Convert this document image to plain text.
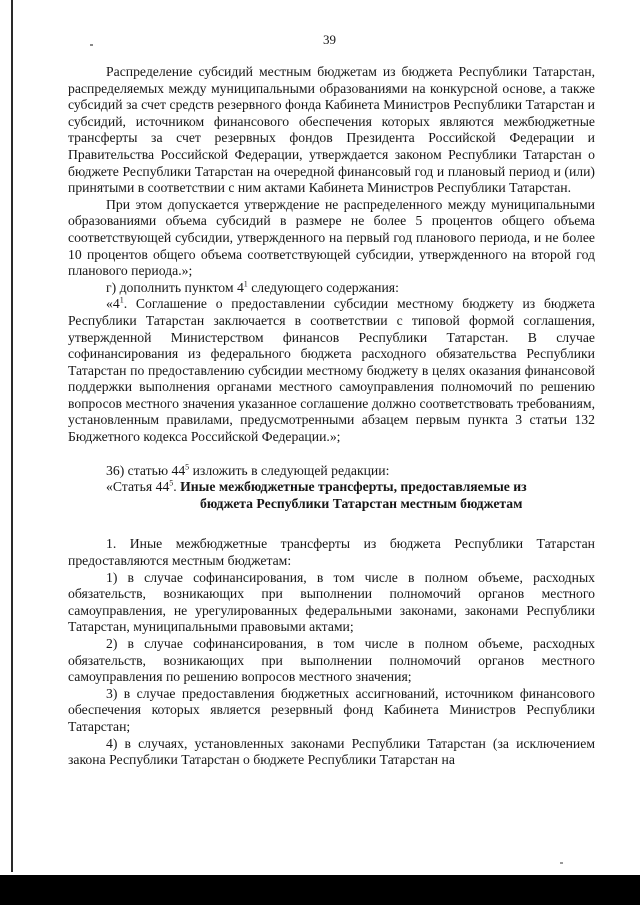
39

Распределение субсидий местным бюджетам из бюджета Республики Татарстан, распределяемых между муниципальными образованиями на конкурсной основе, а также субсидий за счет средств резервного фонда Кабинета Министров Республики Татарстан и субсидий, источником финансового обеспечения которых являются межбюджетные трансферты за счет резервных фондов Президента Российской Федерации и Правительства Российской Федерации, утверждается законом Республики Татарстан о бюджете Республики Татарстан на очередной финансовый год и плановый период и (или) принятыми в соответствии с ним актами Кабинета Министров Республики Татарстан.

При этом допускается утверждение не распределенного между муниципальными образованиями объема субсидий в размере не более 5 процентов общего объема соответствующей субсидии, утвержденного на первый год планового периода, и не более 10 процентов общего объема соответствующей субсидии, утвержденного на второй год планового периода.»;

г) дополнить пунктом $4^1$ следующего содержания:

«$4^1$. Соглашение о предоставлении субсидии местному бюджету из бюджета Республики Татарстан заключается в соответствии с типовой формой соглашения, утвержденной Министерством финансов Республики Татарстан. В случае софинансирования из федерального бюджета расходного обязательства Республики Татарстан по предоставлению субсидии местному бюджету в целях оказания финансовой поддержки выполнения органами местного самоуправления полномочий по решению вопросов местного значения указанное соглашение должно соответствовать требованиям, установленным правилами, предусмотренными абзацем первым пункта 3 статьи 132 Бюджетного кодекса Российской Федерации.»;

36) статью $44^5$ изложить в следующей редакции:

«Статья $44^5$. Иные межбюджетные трансферты, предоставляемые из

бюджета Республики Татарстан местным бюджетам

1. Иные межбюджетные трансферты из бюджета Республики Татарстан предоставляются местным бюджетам:

1) в случае софинансирования, в том числе в полном объеме, расходных обязательств, возникающих при выполнении полномочий органов местного самоуправления, не урегулированных федеральными законами, законами Республики Татарстан, муниципальными правовыми актами;

2) в случае софинансирования, в том числе в полном объеме, расходных обязательств, возникающих при выполнении полномочий органов местного самоуправления по решению вопросов местного значения;

3) в случае предоставления бюджетных ассигнований, источником финансового обеспечения которых является резервный фонд Кабинета Министров Республики Татарстан;

4) в случаях, установленных законами Республики Татарстан (за исключением закона Республики Татарстан о бюджете Республики Татарстан на
